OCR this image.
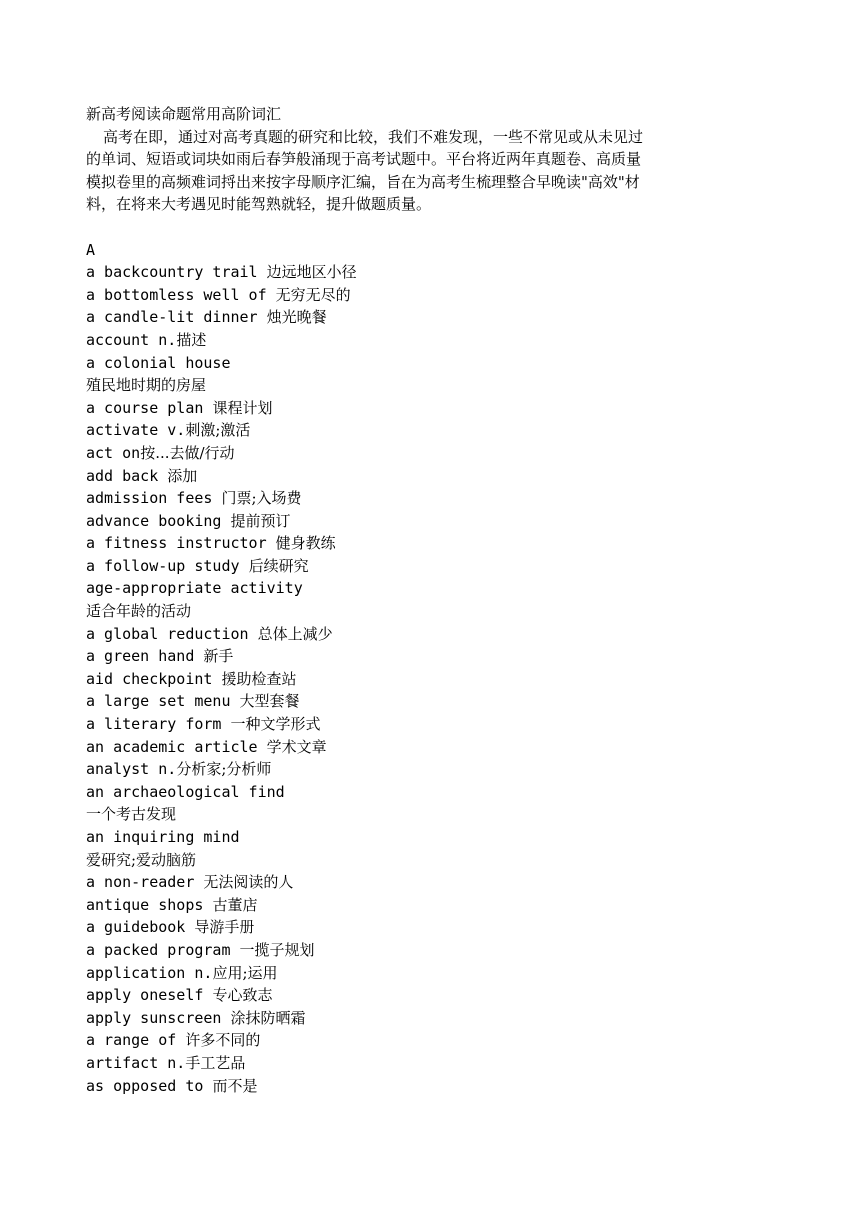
新高考阅读命题常用高阶词汇
高考在即，通过对高考真题的研究和比较，我们不难发现，一些不常见或从未见过
的单词、短语或词块如雨后春笋般涌现于高考试题中。平台将近两年真题卷、高质量
模拟卷里的高频难词捋出来按字母顺序汇编，旨在为高考生梳理整合早晚读"高效"材
料，在将来大考遇见时能驾熟就轻，提升做题质量。
A
a backcountry trail 边远地区小径
a bottomless well of 无穷无尽的
a candle-lit dinner 烛光晚餐
account n.描述
a colonial house
殖民地时期的房屋
a course plan 课程计划
activate v.刺激;激活
act on按...去做/行动
add back 添加
admission fees 门票;入场费
advance booking 提前预订
a fitness instructor 健身教练
a follow-up study 后续研究
age-appropriate activity
适合年龄的活动
a global reduction 总体上减少
a green hand 新手
aid checkpoint 援助检查站
a large set menu 大型套餐
a literary form 一种文学形式
an academic article 学术文章
analyst n.分析家;分析师
an archaeological find
一个考古发现
an inquiring mind
爱研究;爱动脑筋
a non-reader 无法阅读的人
antique shops 古董店
a guidebook 导游手册
a packed program 一揽子规划
application n.应用;运用
apply oneself 专心致志
apply sunscreen 涂抹防晒霜
a range of 许多不同的
artifact n.手工艺品
as opposed to 而不是
